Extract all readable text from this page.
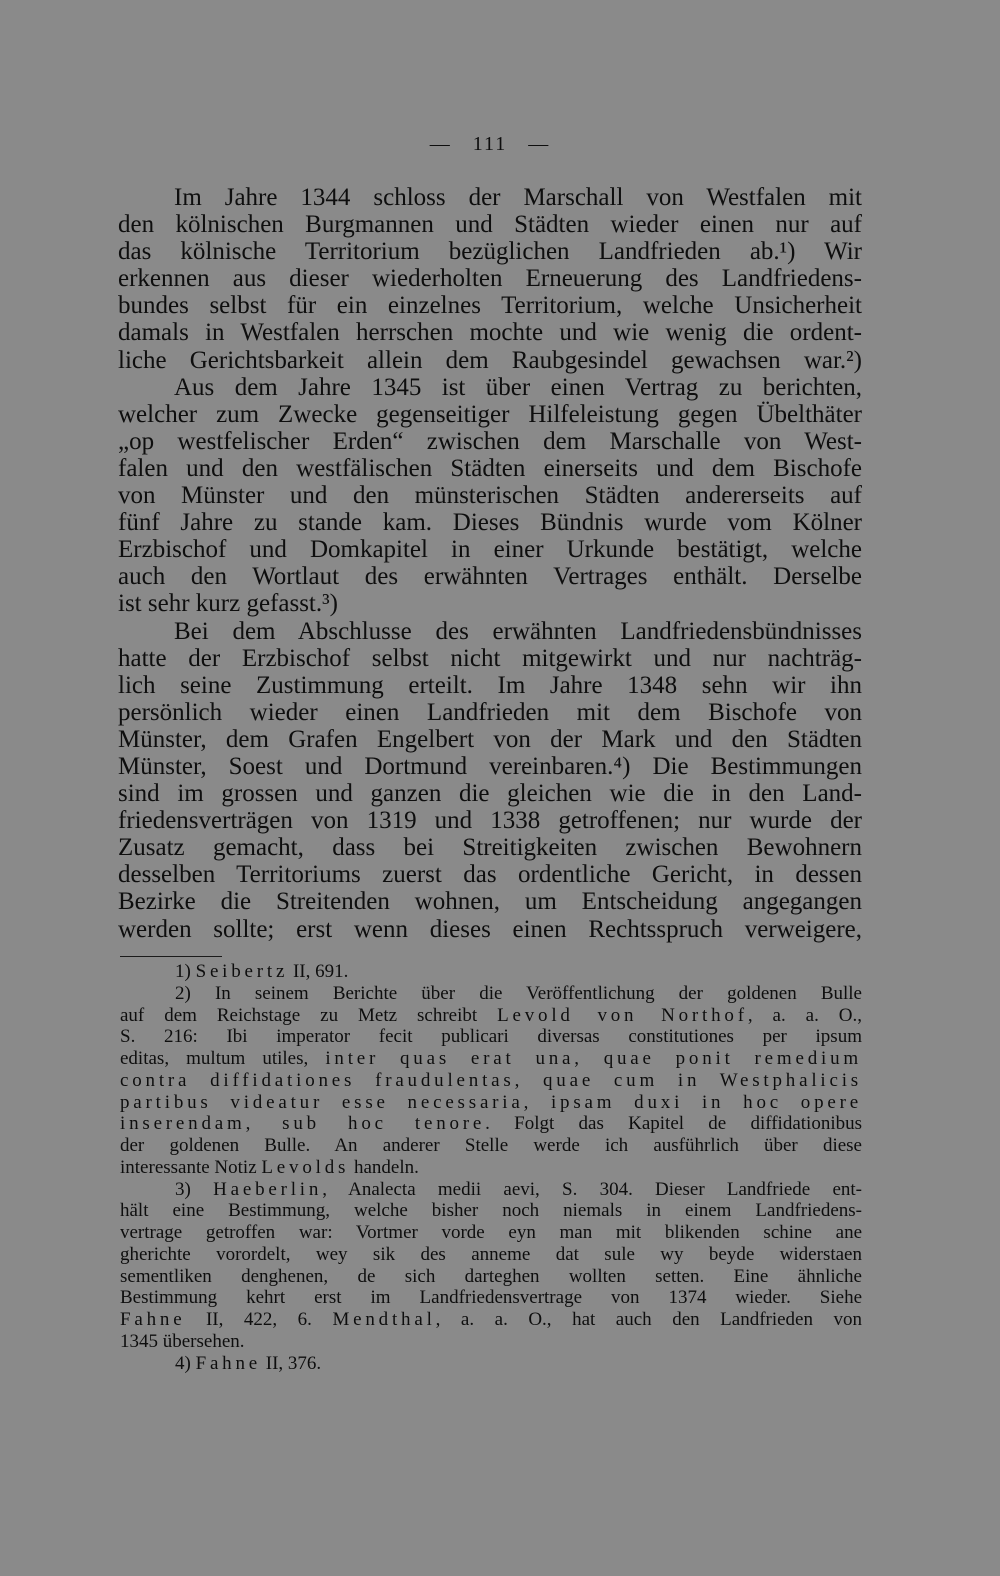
— 111 —
Im Jahre 1344 schloss der Marschall von Westfalen mit
den kölnischen Burgmannen und Städten wieder einen nur auf
das kölnische Territorium bezüglichen Landfrieden ab.¹) Wir
erkennen aus dieser wiederholten Erneuerung des Landfriedens-
bundes selbst für ein einzelnes Territorium, welche Unsicherheit
damals in Westfalen herrschen mochte und wie wenig die ordent-
liche Gerichtsbarkeit allein dem Raubgesindel gewachsen war.²)
Aus dem Jahre 1345 ist über einen Vertrag zu berichten,
welcher zum Zwecke gegenseitiger Hilfeleistung gegen Übelthäter
„op westfelischer Erden“ zwischen dem Marschalle von West-
falen und den westfälischen Städten einerseits und dem Bischofe
von Münster und den münsterischen Städten andererseits auf
fünf Jahre zu stande kam. Dieses Bündnis wurde vom Kölner
Erzbischof und Domkapitel in einer Urkunde bestätigt, welche
auch den Wortlaut des erwähnten Vertrages enthält. Derselbe
ist sehr kurz gefasst.³)
Bei dem Abschlusse des erwähnten Landfriedensbündnisses
hatte der Erzbischof selbst nicht mitgewirkt und nur nachträg-
lich seine Zustimmung erteilt. Im Jahre 1348 sehn wir ihn
persönlich wieder einen Landfrieden mit dem Bischofe von
Münster, dem Grafen Engelbert von der Mark und den Städten
Münster, Soest und Dortmund vereinbaren.⁴) Die Bestimmungen
sind im grossen und ganzen die gleichen wie die in den Land-
friedensverträgen von 1319 und 1338 getroffenen; nur wurde der
Zusatz gemacht, dass bei Streitigkeiten zwischen Bewohnern
desselben Territoriums zuerst das ordentliche Gericht, in dessen
Bezirke die Streitenden wohnen, um Entscheidung angegangen
werden sollte; erst wenn dieses einen Rechtsspruch verweigere,
1) Seibertz II, 691.
2) In seinem Berichte über die Veröffentlichung der goldenen Bulle
auf dem Reichstage zu Metz schreibt Levold von Northof, a. a. O.,
S. 216: Ibi imperator fecit publicari diversas constitutiones per ipsum
editas, multum utiles, inter quas erat una, quae ponit remedium
contra diffidationes fraudulentas, quae cum in Westphalicis
partibus videatur esse necessaria, ipsam duxi in hoc opere
inserendam, sub hoc tenore. Folgt das Kapitel de diffidationibus
der goldenen Bulle. An anderer Stelle werde ich ausführlich über diese
interessante Notiz Levolds handeln.
3) Haeberlin, Analecta medii aevi, S. 304. Dieser Landfriede ent-
hält eine Bestimmung, welche bisher noch niemals in einem Landfriedens-
vertrage getroffen war: Vortmer vorde eyn man mit blikenden schine ane
gherichte vorordelt, wey sik des anneme dat sule wy beyde widerstaen
sementliken denghenen, de sich darteghen wollten setten. Eine ähnliche
Bestimmung kehrt erst im Landfriedensvertrage von 1374 wieder. Siehe
Fahne II, 422, 6. Mendthal, a. a. O., hat auch den Landfrieden von
1345 übersehen.
4) Fahne II, 376.
